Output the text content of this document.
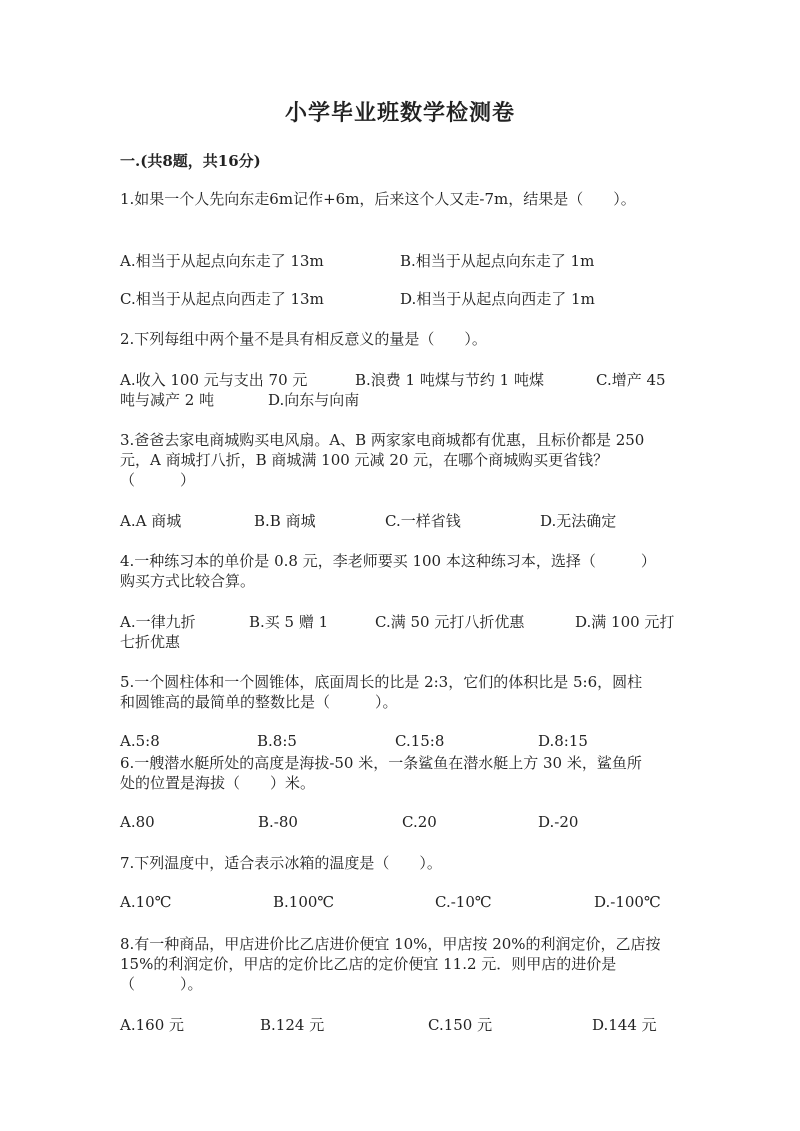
小学毕业班数学检测卷
一.(共8题，共16分)
1.如果一个人先向东走6m记作+6m，后来这个人又走-7m，结果是（　　）。
A.相当于从起点向东走了 13m	B.相当于从起点向东走了 1m
C.相当于从起点向西走了 13m	D.相当于从起点向西走了 1m
2.下列每组中两个量不是具有相反意义的量是（　　）。
A.收入 100 元与支出 70 元	B.浪费 1 吨煤与节约 1 吨煤	C.增产 45
吨与减产 2 吨	D.向东与向南
3.爸爸去家电商城购买电风扇。A、B 两家家电商城都有优惠，且标价都是 250
元，A 商城打八折，B 商城满 100 元减 20 元，在哪个商城购买更省钱？
（　　　）
A.A 商城	B.B 商城	C.一样省钱	D.无法确定
4.一种练习本的单价是 0.8 元，李老师要买 100 本这种练习本，选择（　　　）
购买方式比较合算。
A.一律九折	B.买 5 赠 1	C.满 50 元打八折优惠	D.满 100 元打
七折优惠
5.一个圆柱体和一个圆锥体，底面周长的比是 2:3，它们的体积比是 5:6，圆柱
和圆锥高的最简单的整数比是（　　　）。
A.5:8	B.8:5	C.15:8	D.8:15
6.一艘潜水艇所处的高度是海拔-50 米，一条鲨鱼在潜水艇上方 30 米，鲨鱼所
处的位置是海拔（　　）米。
A.80	B.-80	C.20	D.-20
7.下列温度中，适合表示冰箱的温度是（　　）。
A.10℃	B.100℃	C.-10℃	D.-100℃
8.有一种商品，甲店进价比乙店进价便宜 10%，甲店按 20%的利润定价，乙店按
15%的利润定价，甲店的定价比乙店的定价便宜 11.2 元．则甲店的进价是
（　　　）。
A.160 元	B.124 元	C.150 元	D.144 元
